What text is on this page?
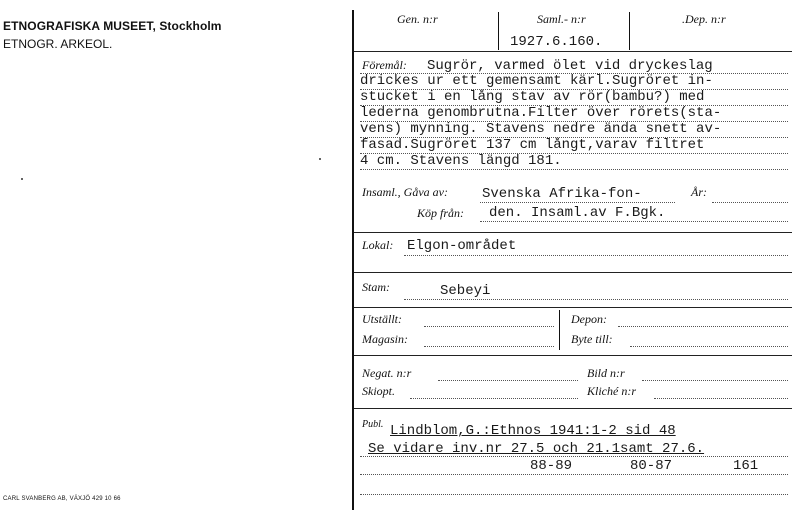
ETNOGRAFISKA MUSEET, Stockholm
ETNOGR. ARKEOL.
CARL SVANBERG AB, VÄXJÖ 429 10 66
Gen. n:r	Saml.- n:r	.Dep. n:r
1927.6.160.
Föremål: Sugrör, varmed ölet vid dryckeslag
drickes ur ett gemensamt kärl.Sugröret in-
stucket i en lång stav av rör(bambu?) med
lederna genombrutna.Filter över rörets(sta-
vens) mynning. Stavens nedre ända snett av-
fasad.Sugröret 137 cm långt,varav filtret
4 cm. Stavens längd 181.
Insaml., Gåva av: Svenska Afrika-fon-	År:
Köp från: den. Insaml.av F.Bgk.
Lokal: Elgon-området
Stam:	Sebeyi
Utställt:	Depon:
Magasin:	Byte till:
Negat. n:r	Bild n:r
Skiopt.	Kliché n:r
Publ. Lindblom,G.:Ethnos 1941:1-2 sid 48
Se vidare inv.nr 27.5 och 21.1samt 27.6.
88-89	80-87	161
